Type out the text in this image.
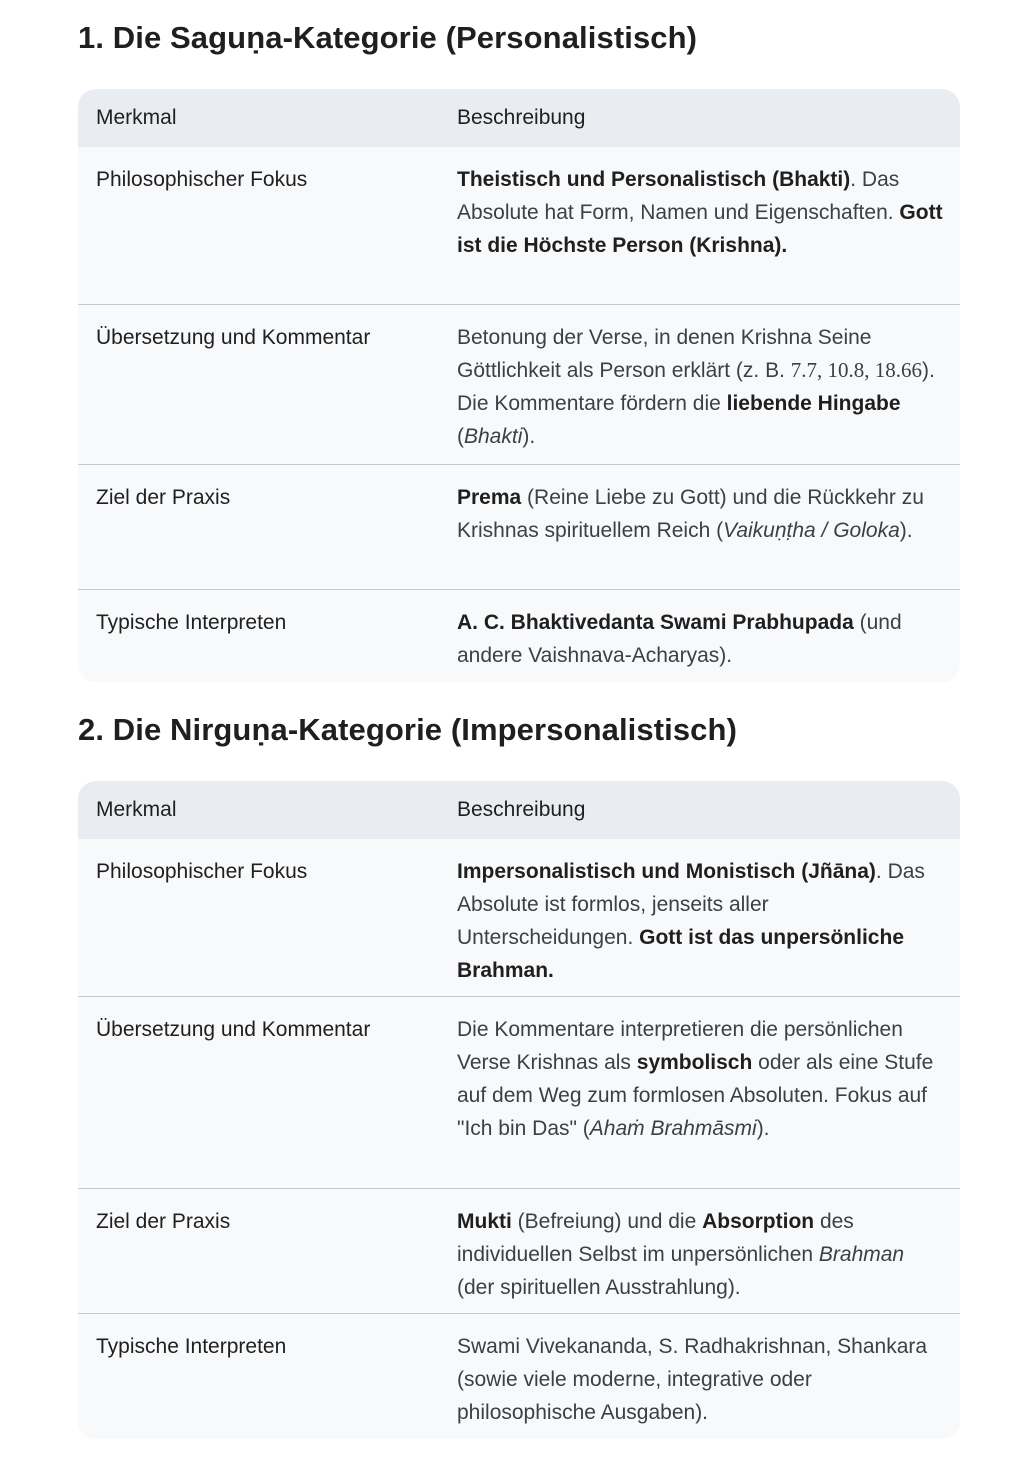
1. Die Saguṇa-Kategorie (Personalistisch)
Merkmal	Beschreibung
Philosophischer Fokus	Theistisch und Personalistisch (Bhakti). Das Absolute hat Form, Namen und Eigenschaften. Gott ist die Höchste Person (Krishna).
Übersetzung und Kommentar	Betonung der Verse, in denen Krishna Seine Göttlichkeit als Person erklärt (z. B. 7.7, 10.8, 18.66). Die Kommentare fördern die liebende Hingabe (Bhakti).
Ziel der Praxis	Prema (Reine Liebe zu Gott) und die Rückkehr zu Krishnas spirituellem Reich (Vaikuṇṭha / Goloka).
Typische Interpreten	A. C. Bhaktivedanta Swami Prabhupada (und andere Vaishnava-Acharyas).
2. Die Nirguṇa-Kategorie (Impersonalistisch)
Merkmal	Beschreibung
Philosophischer Fokus	Impersonalistisch und Monistisch (Jñāna). Das Absolute ist formlos, jenseits aller Unterscheidungen. Gott ist das unpersönliche Brahman.
Übersetzung und Kommentar	Die Kommentare interpretieren die persönlichen Verse Krishnas als symbolisch oder als eine Stufe auf dem Weg zum formlosen Absoluten. Fokus auf "Ich bin Das" (Ahaṁ Brahmāsmi).
Ziel der Praxis	Mukti (Befreiung) und die Absorption des individuellen Selbst im unpersönlichen Brahman (der spirituellen Ausstrahlung).
Typische Interpreten	Swami Vivekananda, S. Radhakrishnan, Shankara (sowie viele moderne, integrative oder philosophische Ausgaben).
